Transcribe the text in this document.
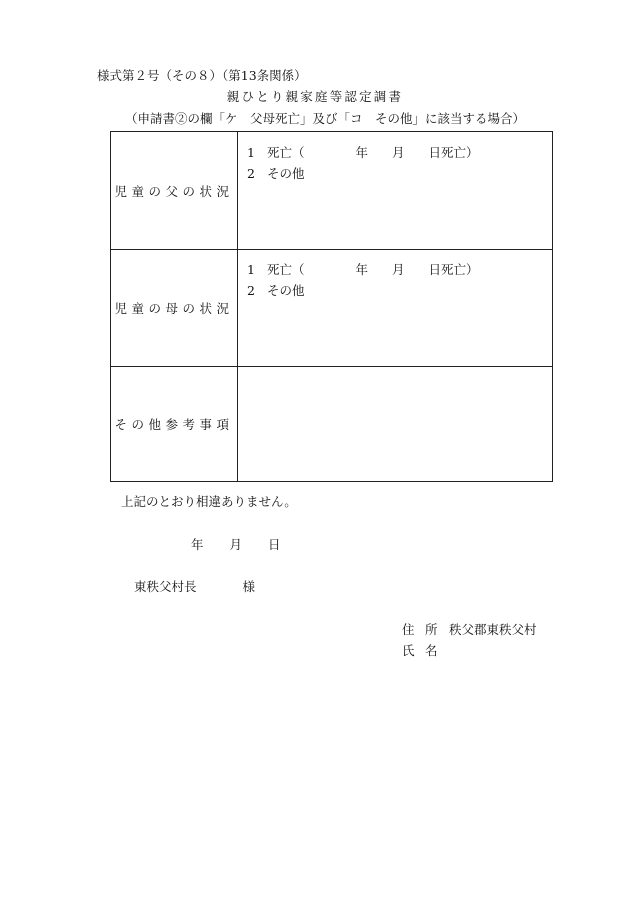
様式第２号（その８）（第13条関係）
親ひとり親家庭等認定調書
（申請書②の欄「ケ　父母死亡」及び「コ　その他」に該当する場合）
児童の父の状況
1 死亡（	年 月 日死亡）
2 その他
児童の母の状況
1 死亡（	年 月 日死亡）
2 その他
その他参考事項
上記のとおり相違ありません。
年 月 日
東秩父村長	様
住 所 秩父郡東秩父村
氏 名
